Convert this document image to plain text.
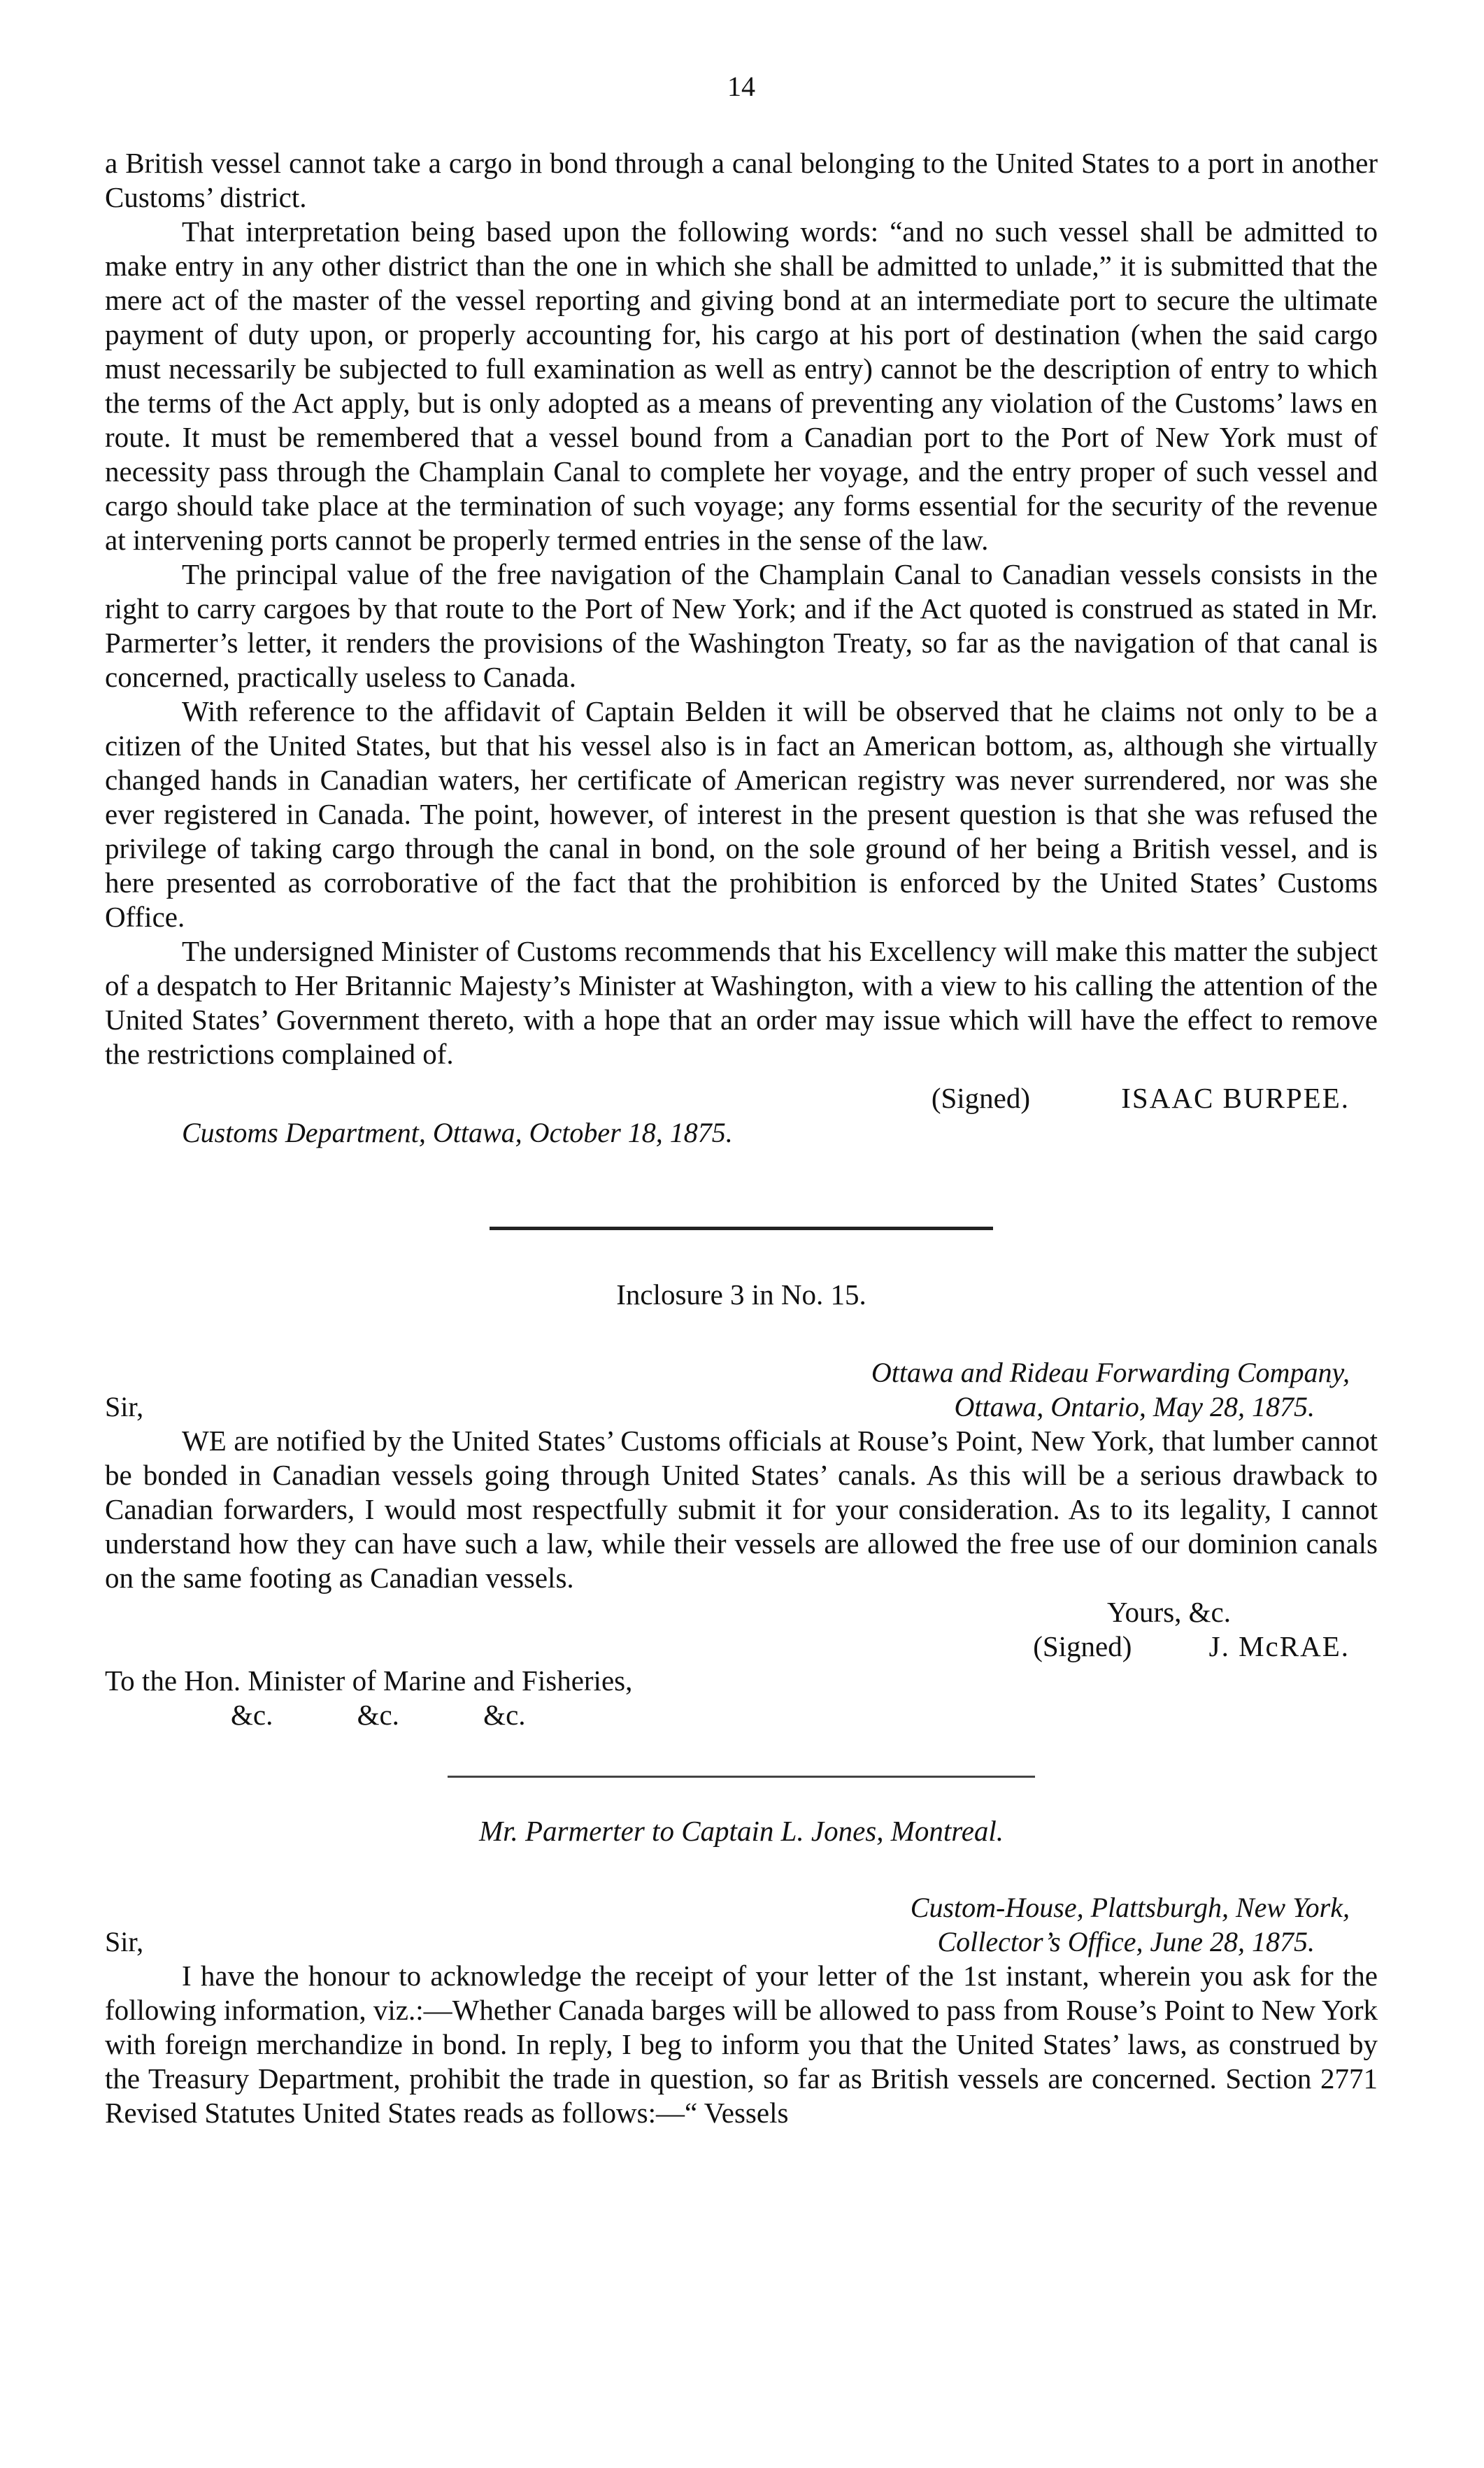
14

a British vessel cannot take a cargo in bond through a canal belonging to the United States to a port in another Customs’ district.

That interpretation being based upon the following words: “and no such vessel shall be admitted to make entry in any other district than the one in which she shall be admitted to unlade,” it is submitted that the mere act of the master of the vessel reporting and giving bond at an intermediate port to secure the ultimate payment of duty upon, or properly accounting for, his cargo at his port of destination (when the said cargo must necessarily be subjected to full examination as well as entry) cannot be the description of entry to which the terms of the Act apply, but is only adopted as a means of preventing any violation of the Customs’ laws en route. It must be remembered that a vessel bound from a Canadian port to the Port of New York must of necessity pass through the Champlain Canal to complete her voyage, and the entry proper of such vessel and cargo should take place at the termination of such voyage; any forms essential for the security of the revenue at intervening ports cannot be properly termed entries in the sense of the law.

The principal value of the free navigation of the Champlain Canal to Canadian vessels consists in the right to carry cargoes by that route to the Port of New York; and if the Act quoted is construed as stated in Mr. Parmerter’s letter, it renders the provisions of the Washington Treaty, so far as the navigation of that canal is concerned, practically useless to Canada.

With reference to the affidavit of Captain Belden it will be observed that he claims not only to be a citizen of the United States, but that his vessel also is in fact an American bottom, as, although she virtually changed hands in Canadian waters, her certificate of American registry was never surrendered, nor was she ever registered in Canada. The point, however, of interest in the present question is that she was refused the privilege of taking cargo through the canal in bond, on the sole ground of her being a British vessel, and is here presented as corroborative of the fact that the prohibition is enforced by the United States’ Customs Office.

The undersigned Minister of Customs recommends that his Excellency will make this matter the subject of a despatch to Her Britannic Majesty’s Minister at Washington, with a view to his calling the attention of the United States’ Government thereto, with a hope that an order may issue which will have the effect to remove the restrictions complained of.

(Signed)	ISAAC BURPEE.
Customs Department, Ottawa, October 18, 1875.
Inclosure 3 in No. 15.
Ottawa and Rideau Forwarding Company,
Ottawa, Ontario, May 28, 1875.
Sir,

WE are notified by the United States’ Customs officials at Rouse’s Point, New York, that lumber cannot be bonded in Canadian vessels going through United States’ canals. As this will be a serious drawback to Canadian forwarders, I would most respectfully submit it for your consideration. As to its legality, I cannot understand how they can have such a law, while their vessels are allowed the free use of our dominion canals on the same footing as Canadian vessels.

Yours, &c.
(Signed)	J. McRAE.
To the Hon. Minister of Marine and Fisheries,
&c. &c. &c.
Mr. Parmerter to Captain L. Jones, Montreal.
Custom-House, Plattsburgh, New York,
Collector’s Office, June 28, 1875.
Sir,

I have the honour to acknowledge the receipt of your letter of the 1st instant, wherein you ask for the following information, viz.:—Whether Canada barges will be allowed to pass from Rouse’s Point to New York with foreign merchandize in bond. In reply, I beg to inform you that the United States’ laws, as construed by the Treasury Department, prohibit the trade in question, so far as British vessels are concerned. Section 2771 Revised Statutes United States reads as follows:—“ Vessels
